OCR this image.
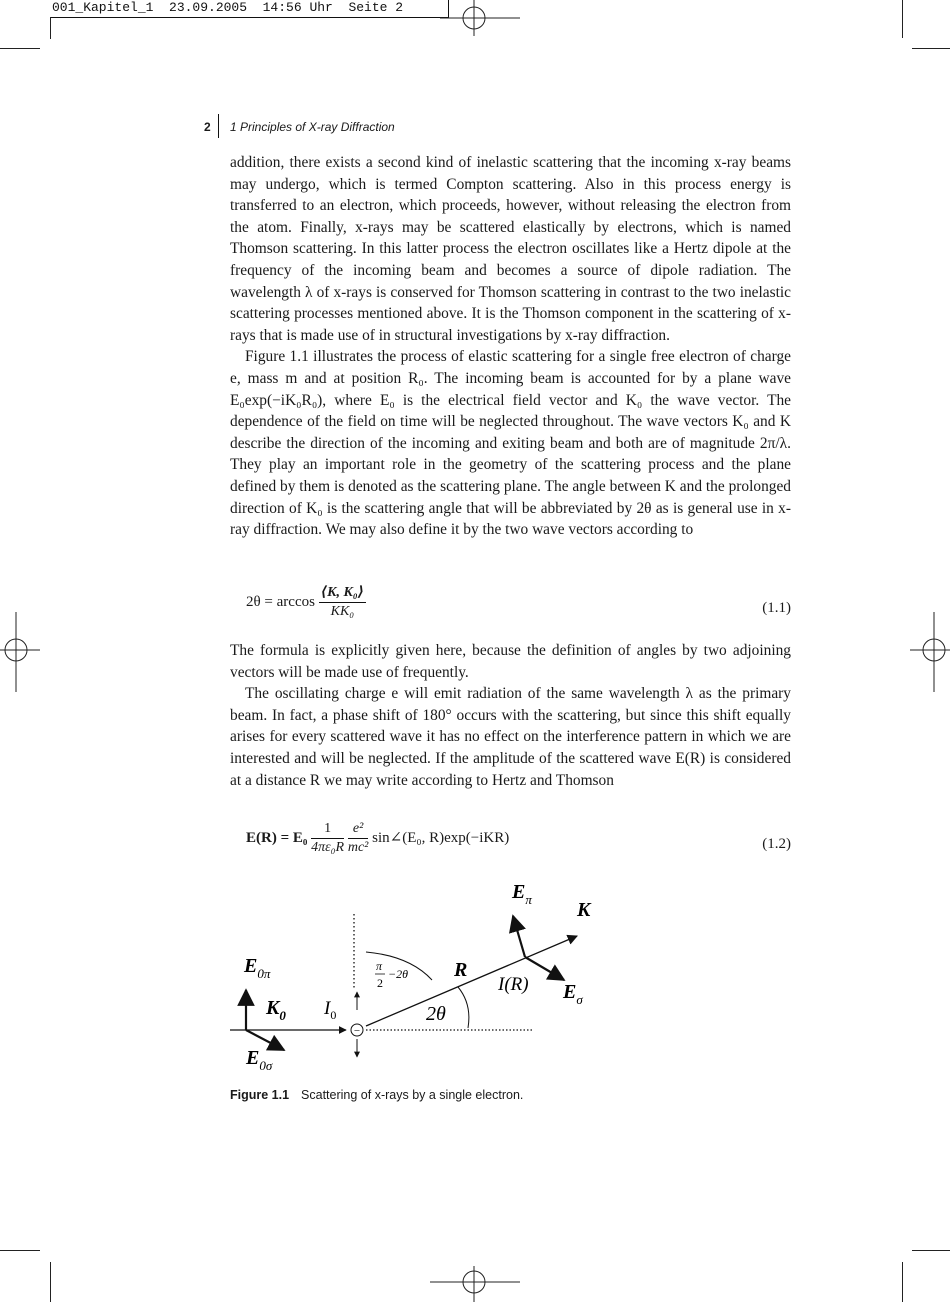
001_Kapitel_1  23.09.2005  14:56 Uhr  Seite 2
2 1 Principles of X-ray Diffraction

addition, there exists a second kind of inelastic scattering that the incoming x-ray beams may undergo, which is termed Compton scattering. Also in this process energy is transferred to an electron, which proceeds, however, without releasing the electron from the atom. Finally, x-rays may be scattered elastically by electrons, which is named Thomson scattering. In this latter process the electron oscillates like a Hertz dipole at the frequency of the incoming beam and becomes a source of dipole radiation. The wavelength λ of x-rays is conserved for Thomson scattering in contrast to the two inelastic scattering processes mentioned above. It is the Thomson component in the scattering of x-rays that is made use of in structural investigations by x-ray diffraction.

Figure 1.1 illustrates the process of elastic scattering for a single free electron of charge e, mass m and at position R₀. The incoming beam is accounted for by a plane wave E₀exp(−iK₀R₀), where E₀ is the electrical field vector and K₀ the wave vector. The dependence of the field on time will be neglected throughout. The wave vectors K₀ and K describe the direction of the incoming and exiting beam and both are of magnitude 2π/λ. They play an important role in the geometry of the scattering process and the plane defined by them is denoted as the scattering plane. The angle between K and the prolonged direction of K₀ is the scattering angle that will be abbreviated by 2θ as is general use in x-ray diffraction. We may also define it by the two wave vectors according to

$2\theta = \arccos \frac{\text{⟨K, K₀⟩}}{\text{KK₀}}$	(1.1)

The formula is explicitly given here, because the definition of angles by two adjoining vectors will be made use of frequently.

The oscillating charge e will emit radiation of the same wavelength λ as the primary beam. In fact, a phase shift of 180° occurs with the scattering, but since this shift equally arises for every scattered wave it has no effect on the interference pattern in which we are interested and will be neglected. If the amplitude of the scattered wave E(R) is considered at a distance R we may write according to Hertz and Thomson

$E(R) = E_0 \frac{1}{\text{4πε₀R}}$
$\frac{\text{e²}}{\text{mc²}}$ sin∠(E₀, R)exp(−iKR)	(1.2)
−
$E_\pi$ K
$E_{0\pi}$	π
2
−2θ R
I(R) $E_\sigma$
$K_0$ $I_0$	2θ
$E_{0\sigma}$
Figure 1.1 Scattering of x-rays by a single electron.
